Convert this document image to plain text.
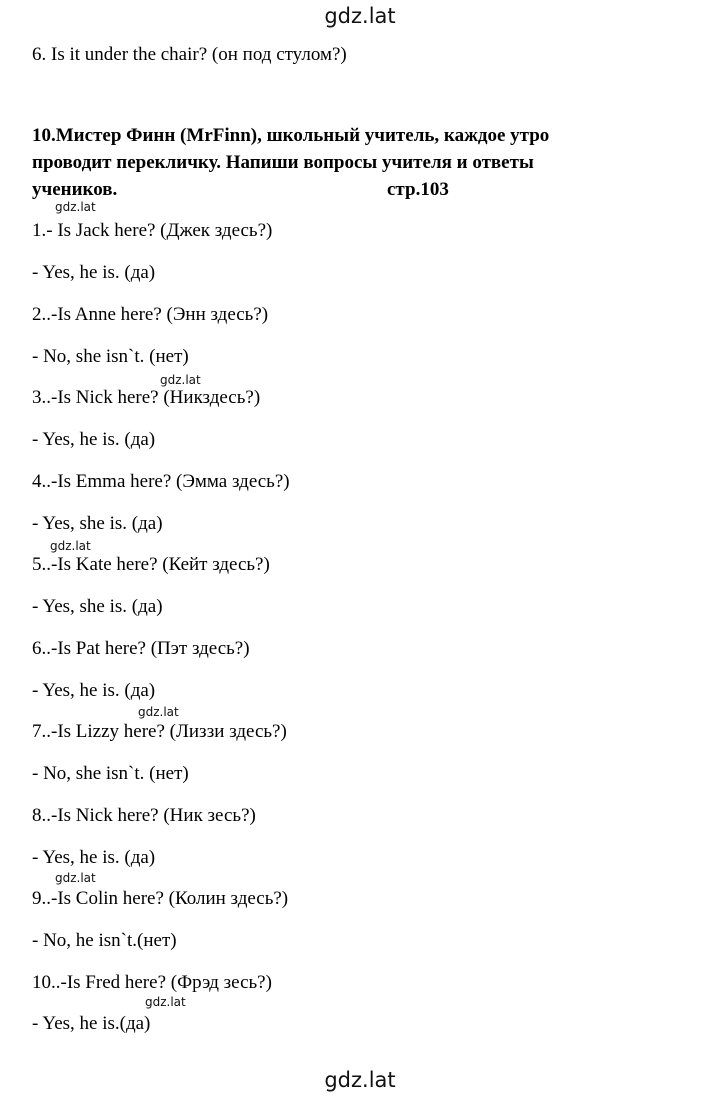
gdz.lat
6. Is it under the chair? (он под стулом?)
10.Мистер Финн (MrFinn), школьный учитель, каждое утро
проводит перекличку. Напиши вопросы учителя и ответы
учеников.	стр.103
gdz.lat
1.- Is Jack here? (Джек здесь?)
- Yes, he is. (да)
2..-Is Anne here? (Энн здесь?)
- No, she isn`t. (нет)
gdz.lat
3..-Is Nick here? (Никздесь?)
- Yes, he is. (да)
4..-Is Emma here? (Эмма здесь?)
- Yes, she is. (да)
gdz.lat
5..-Is Kate here? (Кейт здесь?)
- Yes, she is. (да)
6..-Is Pat here? (Пэт здесь?)
- Yes, he is. (да)
gdz.lat
7..-Is Lizzy here? (Лиззи здесь?)
- No, she isn`t. (нет)
8..-Is Nick here? (Ник зесь?)
- Yes, he is. (да)
gdz.lat
9..-Is Colin here? (Колин здесь?)
- No, he isn`t.(нет)
10..-Is Fred here? (Фрэд зесь?)
gdz.lat
- Yes, he is.(да)
gdz.lat
